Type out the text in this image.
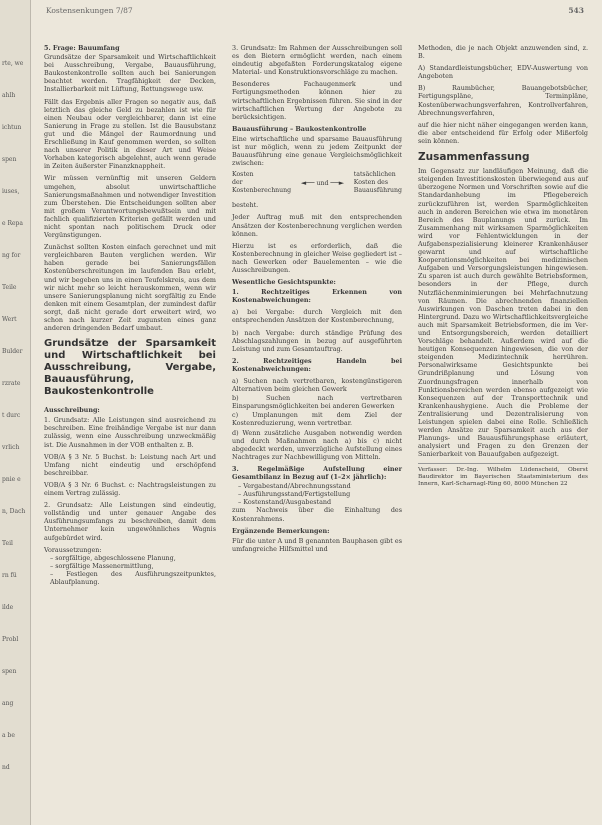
rte, we
ahlh
ichtun
spen
iuses,
e Repa
ng for
Teile
Wert
Bulder
rzrate
t durc
vrlich
pnie e
n, Dach
Teil
rn fü
ilde
Probl
spen
ang
a be
nd
Kostensenkungen 7/87	543

5. Frage: Bauumfang

Grundsätze der Sparsamkeit und Wirtschaftlichkeit bei Ausschreibung, Vergabe, Bauausführung, Baukostenkontrolle sollten auch bei Sanierungen beachtet werden. Tragfähigkeit der Decken, Installierbarkeit mit Lüftung, Rettungswege usw.

Fällt das Ergebnis aller Fragen so negativ aus, daß letztlich das gleiche Geld zu bezahlen ist wie für einen Neubau oder vergleichbarer, dann ist eine Sanierung in Frage zu stellen. Ist die Bausubstanz gut und die Mängel der Raumordnung und Erschließung in Kauf genommen werden, so sollten nach unserer Politik in dieser Art und Weise Vorhaben kategorisch abgelehnt, auch wenn gerade in Zeiten äußerster Finanzknappheit.

Wir müssen vernünftig mit unseren Geldern umgehen, absolut unwirtschaftliche Sanierungsmaßnahmen und notwendiger Investition zum Überstehen. Die Entscheidungen sollten aber mit großem Verantwortungsbewußtsein und mit fachlich qualifizierten Kriterien gefällt werden und nicht spontan nach politischem Druck oder Vergünstigungen.

Zunächst sollten Kosten einfach gerechnet und mit vergleichbaren Bauten verglichen werden. Wir haben gerade bei Sanierungsfällen Kostenüberschreitungen im laufenden Bau erlebt, und wir begeben uns in einen Teufelskreis, aus dem wir nicht mehr so leicht herauskommen, wenn wir unsere Sanierungsplanung nicht sorgfältig zu Ende denken mit einem Gesamtplan, der zumindest dafür sorgt, daß nicht gerade dort erweitert wird, wo schon nach kurzer Zeit zugunsten eines ganz anderen dringenden Bedarf umbaut.

Grundsätze der Sparsamkeit und Wirtschaftlichkeit bei Ausschreibung, Vergabe, Bauausführung, Baukostenkontrolle
Ausschreibung:

1. Grundsatz: Alle Leistungen sind ausreichend zu beschreiben. Eine freihändige Vergabe ist nur dann zulässig, wenn eine Ausschreibung unzweckmäßig ist. Die Ausnahmen in der VOB enthalten z. B.

VOB/A § 3 Nr. 5 Buchst. b: Leistung nach Art und Umfang nicht eindeutig und erschöpfend beschreibbar.

VOB/A § 3 Nr. 6 Buchst. c: Nachtragsleistungen zu einem Vertrag zulässig.

2. Grundsatz: Alle Leistungen sind eindeutig, vollständig und unter genauer Angabe des Ausführungsumfangs zu beschreiben, damit dem Unternehmer kein ungewöhnliches Wagnis aufgebürdet wird.

Voraussetzungen:

– sorgfältige, abgeschlossene Planung,
– sorgfältige Massenermittlung,
– Festlegen des Ausführungszeitpunktes, Ablaufplanung.

3. Grundsatz: Im Rahmen der Ausschreibungen soll es den Bietern ermöglicht werden, nach einem eindeutig abgefaßten Forderungskatalog eigene Material- und Konstruktionsvorschläge zu machen.

Besonderes Fachaugenmerk und Fertigungsmethoden können hier zu wirtschaftlichen Ergebnissen führen. Sie sind in der wirtschaftlichen Wertung der Angebote zu berücksichtigen.

Bauausführung – Baukostenkontrolle

Eine wirtschaftliche und sparsame Bauausführung ist nur möglich, wenn zu jedem Zeitpunkt der Bauausführung eine genaue Vergleichsmöglichkeit zwischen:

Kosten
der
Kostenberechnung
◄── und ──►
tatsächlichen
Kosten des
Bauausführung

besteht.

Jeder Auftrag muß mit den entsprechenden Ansätzen der Kostenberechnung verglichen werden können.

Hierzu ist es erforderlich, daß die Kostenberechnung in gleicher Weise gegliedert ist – nach Gewerken oder Bauelementen – wie die Ausschreibungen.

Wesentliche Gesichtspunkte:

1. Rechtzeitiges Erkennen von Kostenabweichungen:

a) bei Vergabe: durch Vergleich mit den entsprechenden Ansätzen der Kostenberechnung,

b) nach Vergabe: durch ständige Prüfung des Abschlagszahlungen in bezug auf ausgeführten Leistung und zum Gesamtauftrag.

2. Rechtzeitiges Handeln bei Kostenabweichungen:

a) Suchen nach vertretbaren, kostengünstigeren Alternativen beim gleichen Gewerk

b) Suchen nach vertretbaren Einsparungsmöglichkeiten bei anderen Gewerken

c) Umplanungen mit dem Ziel der Kostenreduzierung, wenn vertretbar.

d) Wenn zusätzliche Ausgaben notwendig werden und durch Maßnahmen nach a) bis c) nicht abgedeckt werden, unverzügliche Aufstellung eines Nachtrages zur Nachbewilligung von Mitteln.

3. Regelmäßige Aufstellung einer Gesamtbilanz in Bezug auf (1–2× jährlich):

– Vergabestand/Abrechnungsstand
– Ausführungsstand/Fertigstellung
– Kostenstand/Ausgabestand

zum Nachweis über die Einhaltung des Kostenrahmens.

Ergänzende Bemerkungen:

Für die unter A und B genannten Bauphasen gibt es umfangreiche Hilfsmittel und

Methoden, die je nach Objekt anzuwenden sind, z. B.

A) Standardleistungsbücher, EDV-Auswertung von Angeboten

B) Raumbücher, Bauangebotsbücher, Fertigungspläne, Terminpläne, Kostenüberwachungsverfahren, Kontrollverfahren, Abrechnungsverfahren,

auf die hier nicht näher eingegangen werden kann, die aber entscheidend für Erfolg oder Mißerfolg sein können.

Zusammenfassung

Im Gegensatz zur landläufigen Meinung, daß die steigenden Investitionskosten überwiegend aus auf überzogene Normen und Vorschriften sowie auf die Standardanhebung im Pflegebereich zurückzuführen ist, werden Sparmöglichkeiten auch in anderen Bereichen wie etwa im monetären Bereich des Bauplanungs und zurück. Im Zusammenhang mit wirksamen Sparmöglichkeiten wird vor Fehlentwicklungen in der Aufgabenspezialisierung kleinerer Krankenhäuser gewarnt und auf wirtschaftliche Kooperationsmöglichkeiten bei medizinischen Aufgaben und Versorgungsleistungen hingewiesen. Zu sparen ist auch durch gewählte Betriebsformen, besonders in der Pflege, durch Nutzflächenminimierungen bei Mehrfachnutzung von Räumen. Die abrechnenden finanziellen Auswirkungen von Daschen treten dabei in den Hintergrund. Dazu wo Wirtschaftlichkeitsvergleiche auch mit Sparsamkeit Betriebsformen, die im Ver- und Entsorgungsbereich, werden detailliert Vorschläge behandelt. Außerdem wird auf die heutigen Konsequenzen hingewiesen, die von der steigenden Medizintechnik herrühren. Personalwirksame Gesichtspunkte bei Grundrißplanung und Lösung von Zuordnungsfragen innerhalb von Funktionsbereichen werden ebenso aufgezeigt wie Konsequenzen auf der Transporttechnik und Krankenhaushygiene. Auch die Probleme der Zentralisierung und Dezentralisierung von Leistungen spielen dabei eine Rolle. Schließlich werden Ansätze zur Sparsamkeit auch aus der Planungs- und Bauausführungsphase erläutert, analysiert und Fragen zu den Grenzen der Sanierbarkeit von Bauaufgaben aufgezeigt.

Verfasser: Dr.-Ing. Wilhelm Lüdenscheid, Oberst Baudirektor im Bayerischen Staatsministerium des Innern, Karl-Scharnagl-Ring 60, 8000 München 22
